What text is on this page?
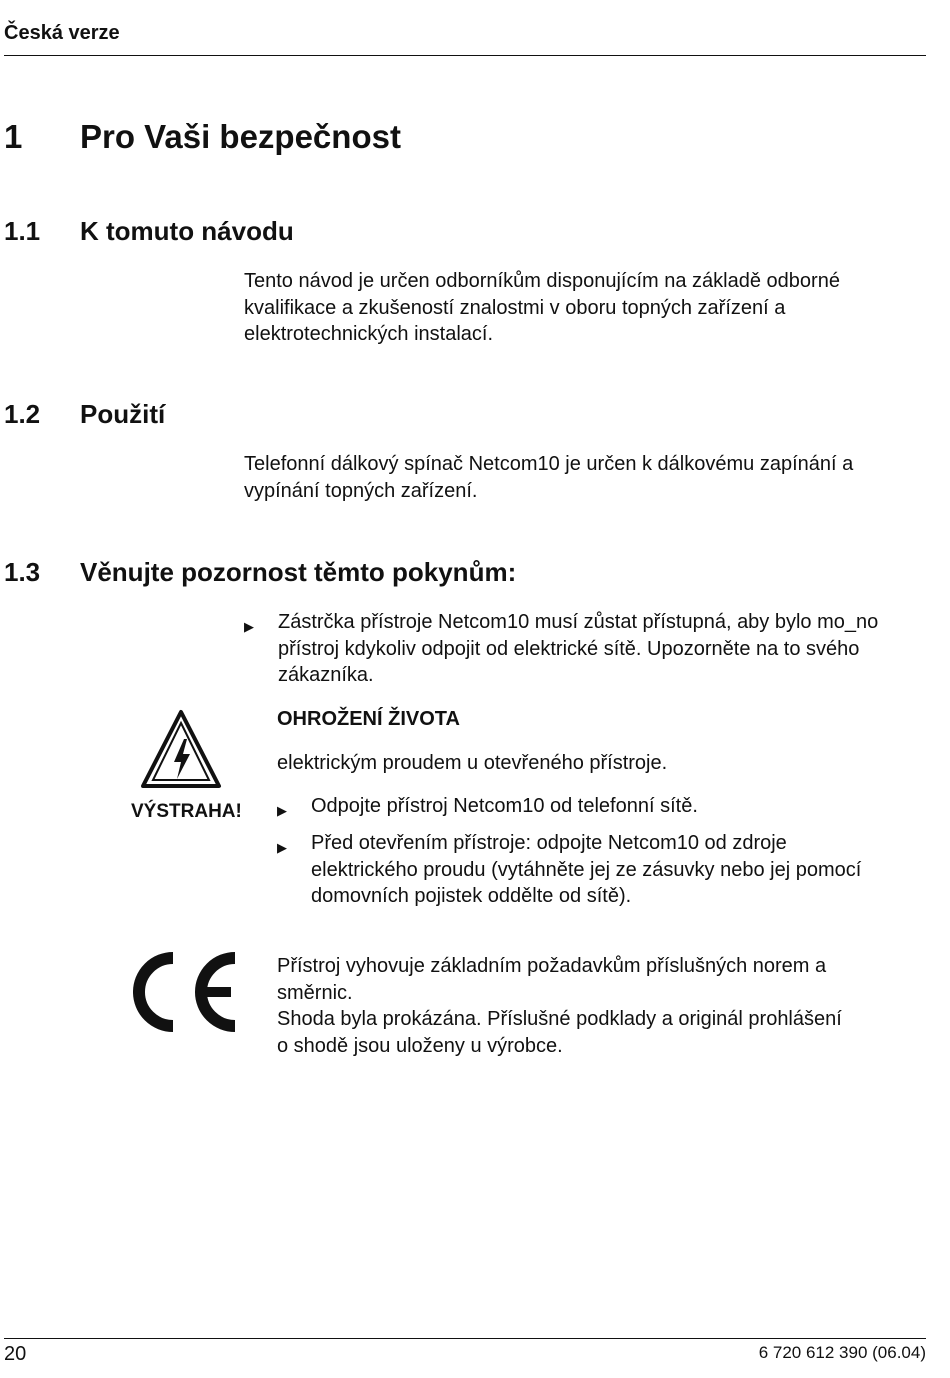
Česká verze
1 Pro Vaši bezpečnost
1.1 K tomuto návodu
Tento návod je určen odborníkům disponujícím na základě odborné
kvalifikace a zkušeností znalostmi v oboru topných zařízení a
elektrotechnických instalací.
1.2 Použití
Telefonní dálkový spínač Netcom10 je určen k dálkovému zapínání a
vypínání topných zařízení.
1.3 Věnujte pozornost těmto pokynům:
▶	Zástrčka přístroje Netcom10 musí zůstat přístupná, aby bylo mo_no
přístroj kdykoliv odpojit od elektrické sítě. Upozorněte na to svého
zákazníka.
VÝSTRAHA!
OHROŽENÍ ŽIVOTA
elektrickým proudem u otevřeného přístroje.
▶	Odpojte přístroj Netcom10 od telefonní sítě.
▶	Před otevřením přístroje: odpojte Netcom10 od zdroje
elektrického proudu (vytáhněte jej ze zásuvky nebo jej pomocí
domovních pojistek oddělte od sítě).
Přístroj vyhovuje základním požadavkům příslušných norem a
směrnic.
Shoda byla prokázána. Příslušné podklady a originál prohlášení
o shodě jsou uloženy u výrobce.
20	6 720 612 390 (06.04)
